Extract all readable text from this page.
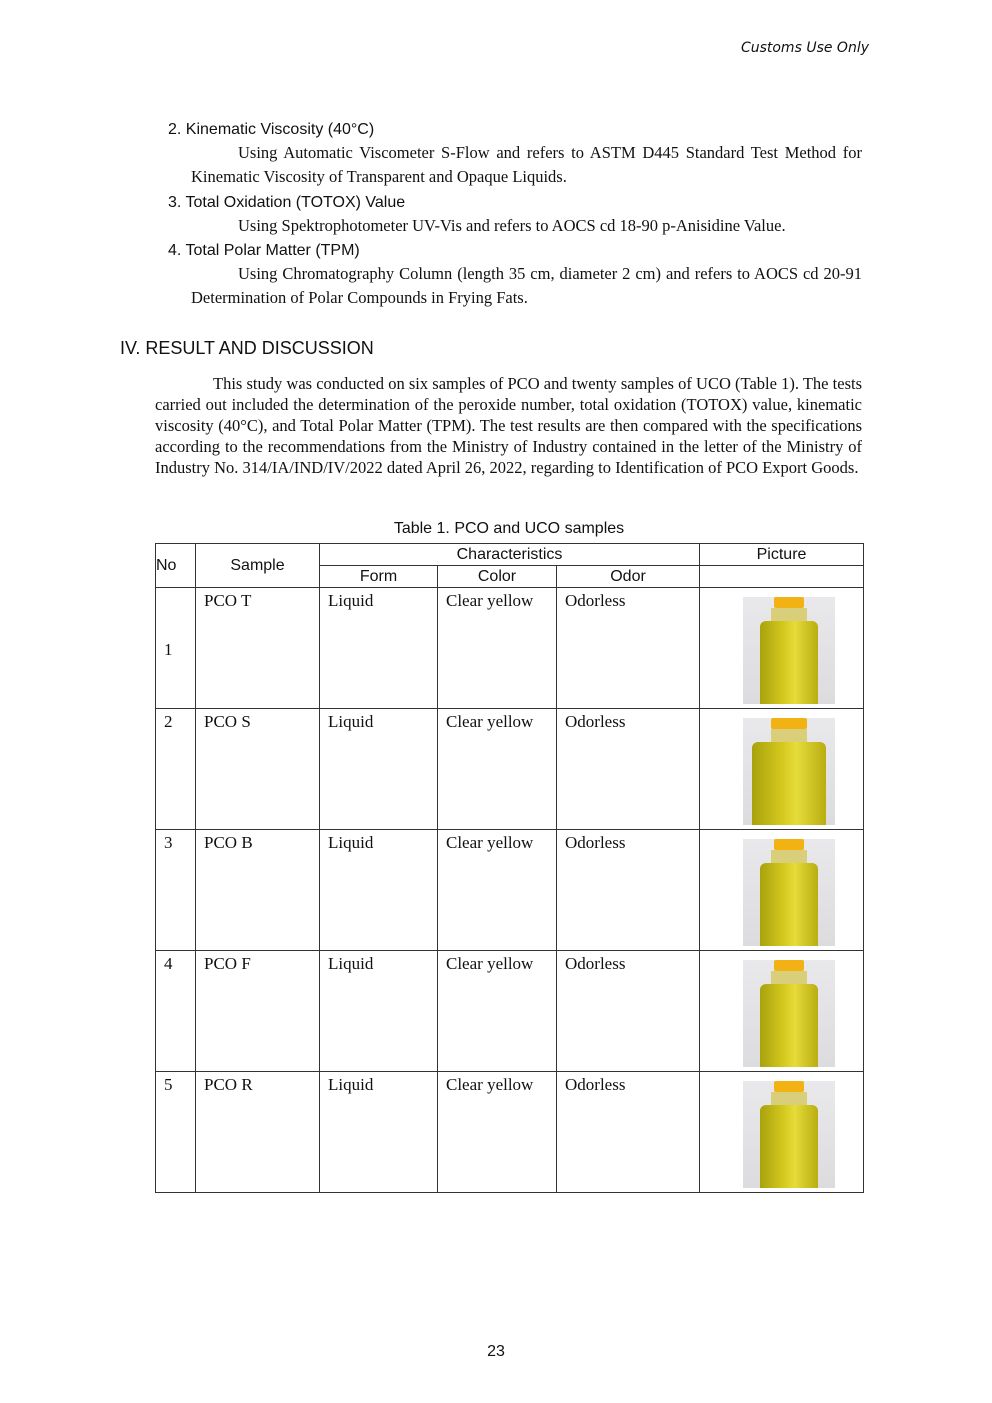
Customs Use Only
2. Kinematic Viscosity (40°C)
Using Automatic Viscometer S-Flow and refers to ASTM D445 Standard Test Method for Kinematic Viscosity of Transparent and Opaque Liquids.
3. Total Oxidation (TOTOX) Value
Using Spektrophotometer UV-Vis and refers to AOCS cd 18-90 p-Anisidine Value.
4. Total Polar Matter (TPM)
Using Chromatography Column (length 35 cm, diameter 2 cm) and refers to AOCS cd 20-91 Determination of Polar Compounds in Frying Fats.
IV. RESULT AND DISCUSSION
This study was conducted on six samples of PCO and twenty samples of UCO (Table 1). The tests carried out included the determination of the peroxide number, total oxidation (TOTOX) value, kinematic viscosity (40°C), and Total Polar Matter (TPM). The test results are then compared with the specifications according to the recommendations from the Ministry of Industry contained in the letter of the Ministry of Industry No. 314/IA/IND/IV/2022 dated April 26, 2022, regarding to Identification of PCO Export Goods.
Table 1. PCO and UCO samples
No	Sample	Characteristics			Picture
		Form	Color	Odor	
1	PCO T	Liquid	Clear yellow	Odorless	

2	PCO S	Liquid	Clear yellow	Odorless	

3	PCO B	Liquid	Clear yellow	Odorless	

4	PCO F	Liquid	Clear yellow	Odorless	

5	PCO R	Liquid	Clear yellow	Odorless	
23
